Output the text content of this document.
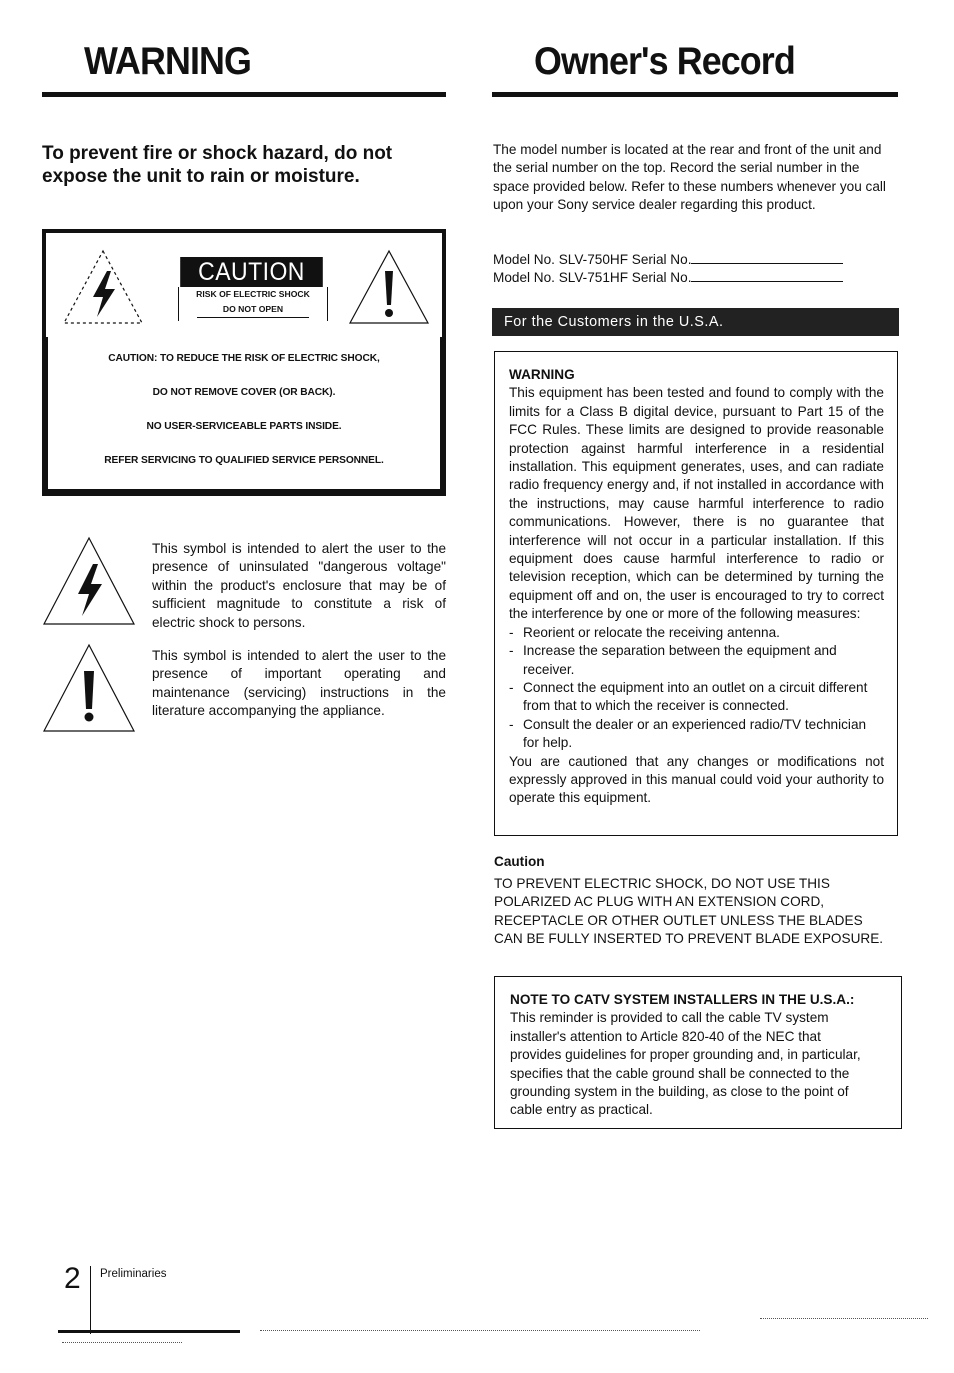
WARNING
To prevent fire or shock hazard, do not expose the unit to rain or moisture.
CAUTION
RISK OF ELECTRIC SHOCK
DO NOT OPEN
CAUTION: TO REDUCE THE RISK OF ELECTRIC SHOCK,
DO NOT REMOVE COVER (OR BACK).
NO USER-SERVICEABLE PARTS INSIDE.
REFER SERVICING TO QUALIFIED SERVICE PERSONNEL.
This symbol is intended to alert the user to the presence of uninsulated "dangerous voltage" within the product's enclosure that may be of sufficient magnitude to constitute a risk of electric shock to persons.
This symbol is intended to alert the user to the presence of important operating and maintenance (servicing) instructions in the literature accompanying the appliance.
Owner's Record
The model number is located at the rear and front of the unit and the serial number on the top. Record the serial number in the space provided below. Refer to these numbers whenever you call upon your Sony service dealer regarding this product.
Model No. SLV-750HF Serial No.
Model No. SLV-751HF Serial No.
For the Customers in the U.S.A.
WARNING
This equipment has been tested and found to comply with the limits for a Class B digital device, pursuant to Part 15 of the FCC Rules. These limits are designed to provide reasonable protection against harmful interference in a residential installation. This equipment generates, uses, and can radiate radio frequency energy and, if not installed in accordance with the instructions, may cause harmful interference to radio communications. However, there is no guarantee that interference will not occur in a particular installation. If this equipment does cause harmful interference to radio or television reception, which can be determined by turning the equipment off and on, the user is encouraged to try to correct the interference by one or more of the following measures:
- Reorient or relocate the receiving antenna.
- Increase the separation between the equipment and receiver.
- Connect the equipment into an outlet on a circuit different from that to which the receiver is connected.
- Consult the dealer or an experienced radio/TV technician for help.
You are cautioned that any changes or modifications not expressly approved in this manual could void your authority to operate this equipment.
Caution
TO PREVENT ELECTRIC SHOCK, DO NOT USE THIS POLARIZED AC PLUG WITH AN EXTENSION CORD, RECEPTACLE OR OTHER OUTLET UNLESS THE BLADES CAN BE FULLY INSERTED TO PREVENT BLADE EXPOSURE.
NOTE TO CATV SYSTEM INSTALLERS IN THE U.S.A.:
This reminder is provided to call the cable TV system installer's attention to Article 820-40 of the NEC that provides guidelines for proper grounding and, in particular, specifies that the cable ground shall be connected to the grounding system in the building, as close to the point of cable entry as practical.
2 Preliminaries
